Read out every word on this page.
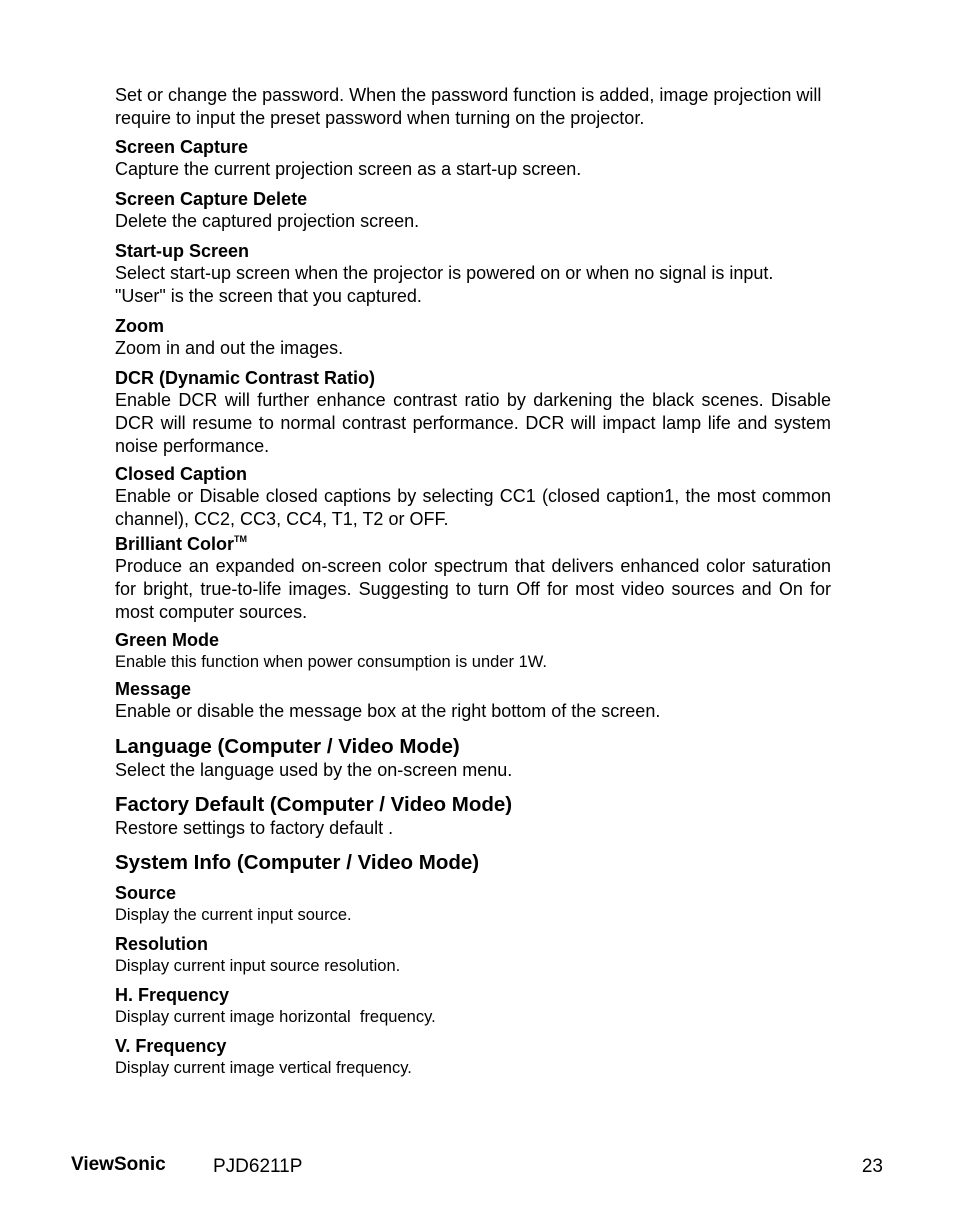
Set or change the password. When the password function is added, image projection will require to input the preset password when turning on the projector.

Screen Capture

Capture the current projection screen as a start-up screen.

Screen Capture Delete

Delete the captured projection screen.

Start-up Screen

Select start-up screen when the projector is powered on or when no signal is input.

"User" is the screen that you captured.

Zoom

Zoom in and out the images.

DCR (Dynamic Contrast Ratio)

Enable DCR will further enhance contrast ratio by darkening the black scenes. Disable DCR will resume to normal contrast performance. DCR will impact lamp life and system noise performance.

Closed Caption

Enable or Disable closed captions by selecting CC1 (closed caption1, the most common channel), CC2, CC3, CC4, T1, T2 or OFF.

Brilliant Color™

Produce an expanded on-screen color spectrum that delivers enhanced color saturation for bright, true-to-life images. Suggesting to turn Off for most video sources and On for most computer sources.

Green Mode

Enable this function when power consumption is under 1W.

Message

Enable or disable the message box at the right bottom of the screen.

Language (Computer / Video Mode)

Select the language used by the on-screen menu.

Factory Default (Computer / Video Mode)

Restore settings to factory default .

System Info (Computer / Video Mode)
Source

Display the current input source.

Resolution

Display current input source resolution.

H. Frequency

Display current image horizontal  frequency.

V. Frequency

Display current image vertical frequency.

ViewSonic PJD6211P	23
